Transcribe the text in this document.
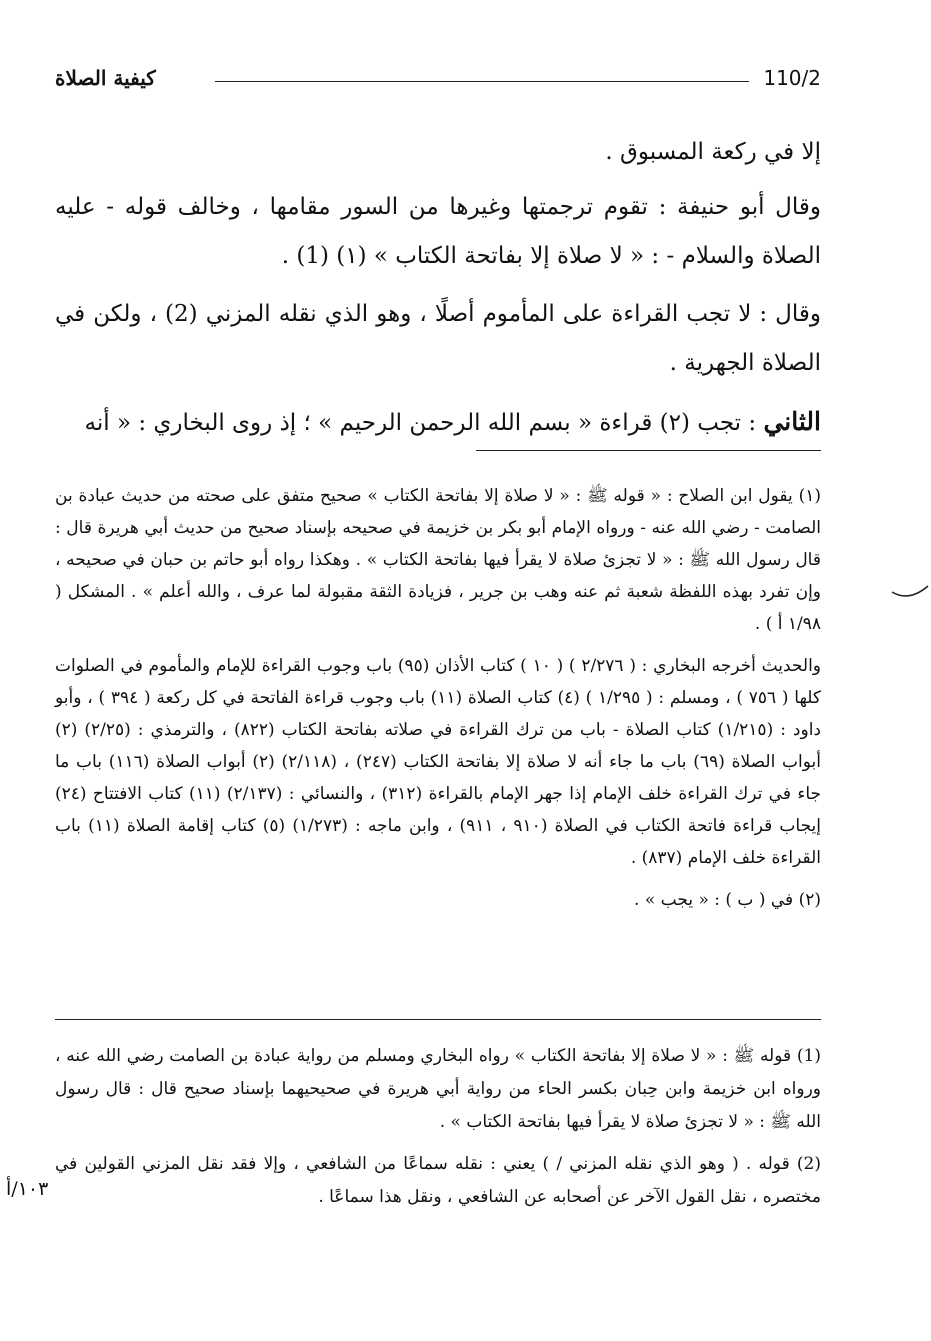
110/2
كيفية الصلاة

إلا في ركعة المسبوق .

وقال أبو حنيفة : تقوم ترجمتها وغيرها من السور مقامها ، وخالف قوله - عليه الصلاة والسلام - : « لا صلاة إلا بفاتحة الكتاب » (١) (1) .

وقال : لا تجب القراءة على المأموم أصلًا ، وهو الذي نقله المزني (2) ، ولكن في الصلاة الجهرية .

الثاني : تجب (٢) قراءة « بسم الله الرحمن الرحيم » ؛ إذ روى البخاري : « أنه

(١) يقول ابن الصلاح : « قوله ﷺ : « لا صلاة إلا بفاتحة الكتاب » صحيح متفق على صحته من حديث عبادة بن الصامت - رضي الله عنه - ورواه الإمام أبو بكر بن خزيمة في صحيحه بإسناد صحيح من حديث أبي هريرة قال : قال رسول الله ﷺ : « لا تجزئ صلاة لا يقرأ فيها بفاتحة الكتاب » . وهكذا رواه أبو حاتم بن حبان في صحيحه ، وإن تفرد بهذه اللفظة شعبة ثم عنه وهب بن جرير ، فزيادة الثقة مقبولة لما عرف ، والله أعلم » . المشكل ( ١/٩٨ أ ) .

والحديث أخرجه البخاري : ( ٢/٢٧٦ ) ( ١٠ ) كتاب الأذان (٩٥) باب وجوب القراءة للإمام والمأموم في الصلوات كلها ( ٧٥٦ ) ، ومسلم : ( ١/٢٩٥ ) (٤) كتاب الصلاة (١١) باب وجوب قراءة الفاتحة في كل ركعة ( ٣٩٤ ) ، وأبو داود : (١/٢١٥) كتاب الصلاة - باب من ترك القراءة في صلاته بفاتحة الكتاب (٨٢٢) ، والترمذي : (٢/٢٥) (٢) أبواب الصلاة (٦٩) باب ما جاء أنه لا صلاة إلا بفاتحة الكتاب (٢٤٧) ، (٢/١١٨) (٢) أبواب الصلاة (١١٦) باب ما جاء في ترك القراءة خلف الإمام إذا جهر الإمام بالقراءة (٣١٢) ، والنسائي : (٢/١٣٧) (١١) كتاب الافتتاح (٢٤) إيجاب قراءة فاتحة الكتاب في الصلاة (٩١٠ ، ٩١١) ، وابن ماجه : (١/٢٧٣) (٥) كتاب إقامة الصلاة (١١) باب القراءة خلف الإمام (٨٣٧) .

(٢) في ( ب ) : « يجب » .

(1) قوله ﷺ : « لا صلاة إلا بفاتحة الكتاب » رواه البخاري ومسلم من رواية عبادة بن الصامت رضي الله عنه ، ورواه ابن خزيمة وابن حِبان بكسر الحاء من رواية أبي هريرة في صحيحيهما بإسناد صحيح قال : قال رسول الله ﷺ : « لا تجزئ صلاة لا يقرأ فيها بفاتحة الكتاب » .

(2) قوله . ( وهو الذي نقله المزني / ) يعني : نقله سماعًا من الشافعي ، وإلا فقد نقل المزني القولين في مختصره ، نقل القول الآخر عن أصحابه عن الشافعي ، ونقل هذا سماعًا .

١٠٣/أ
